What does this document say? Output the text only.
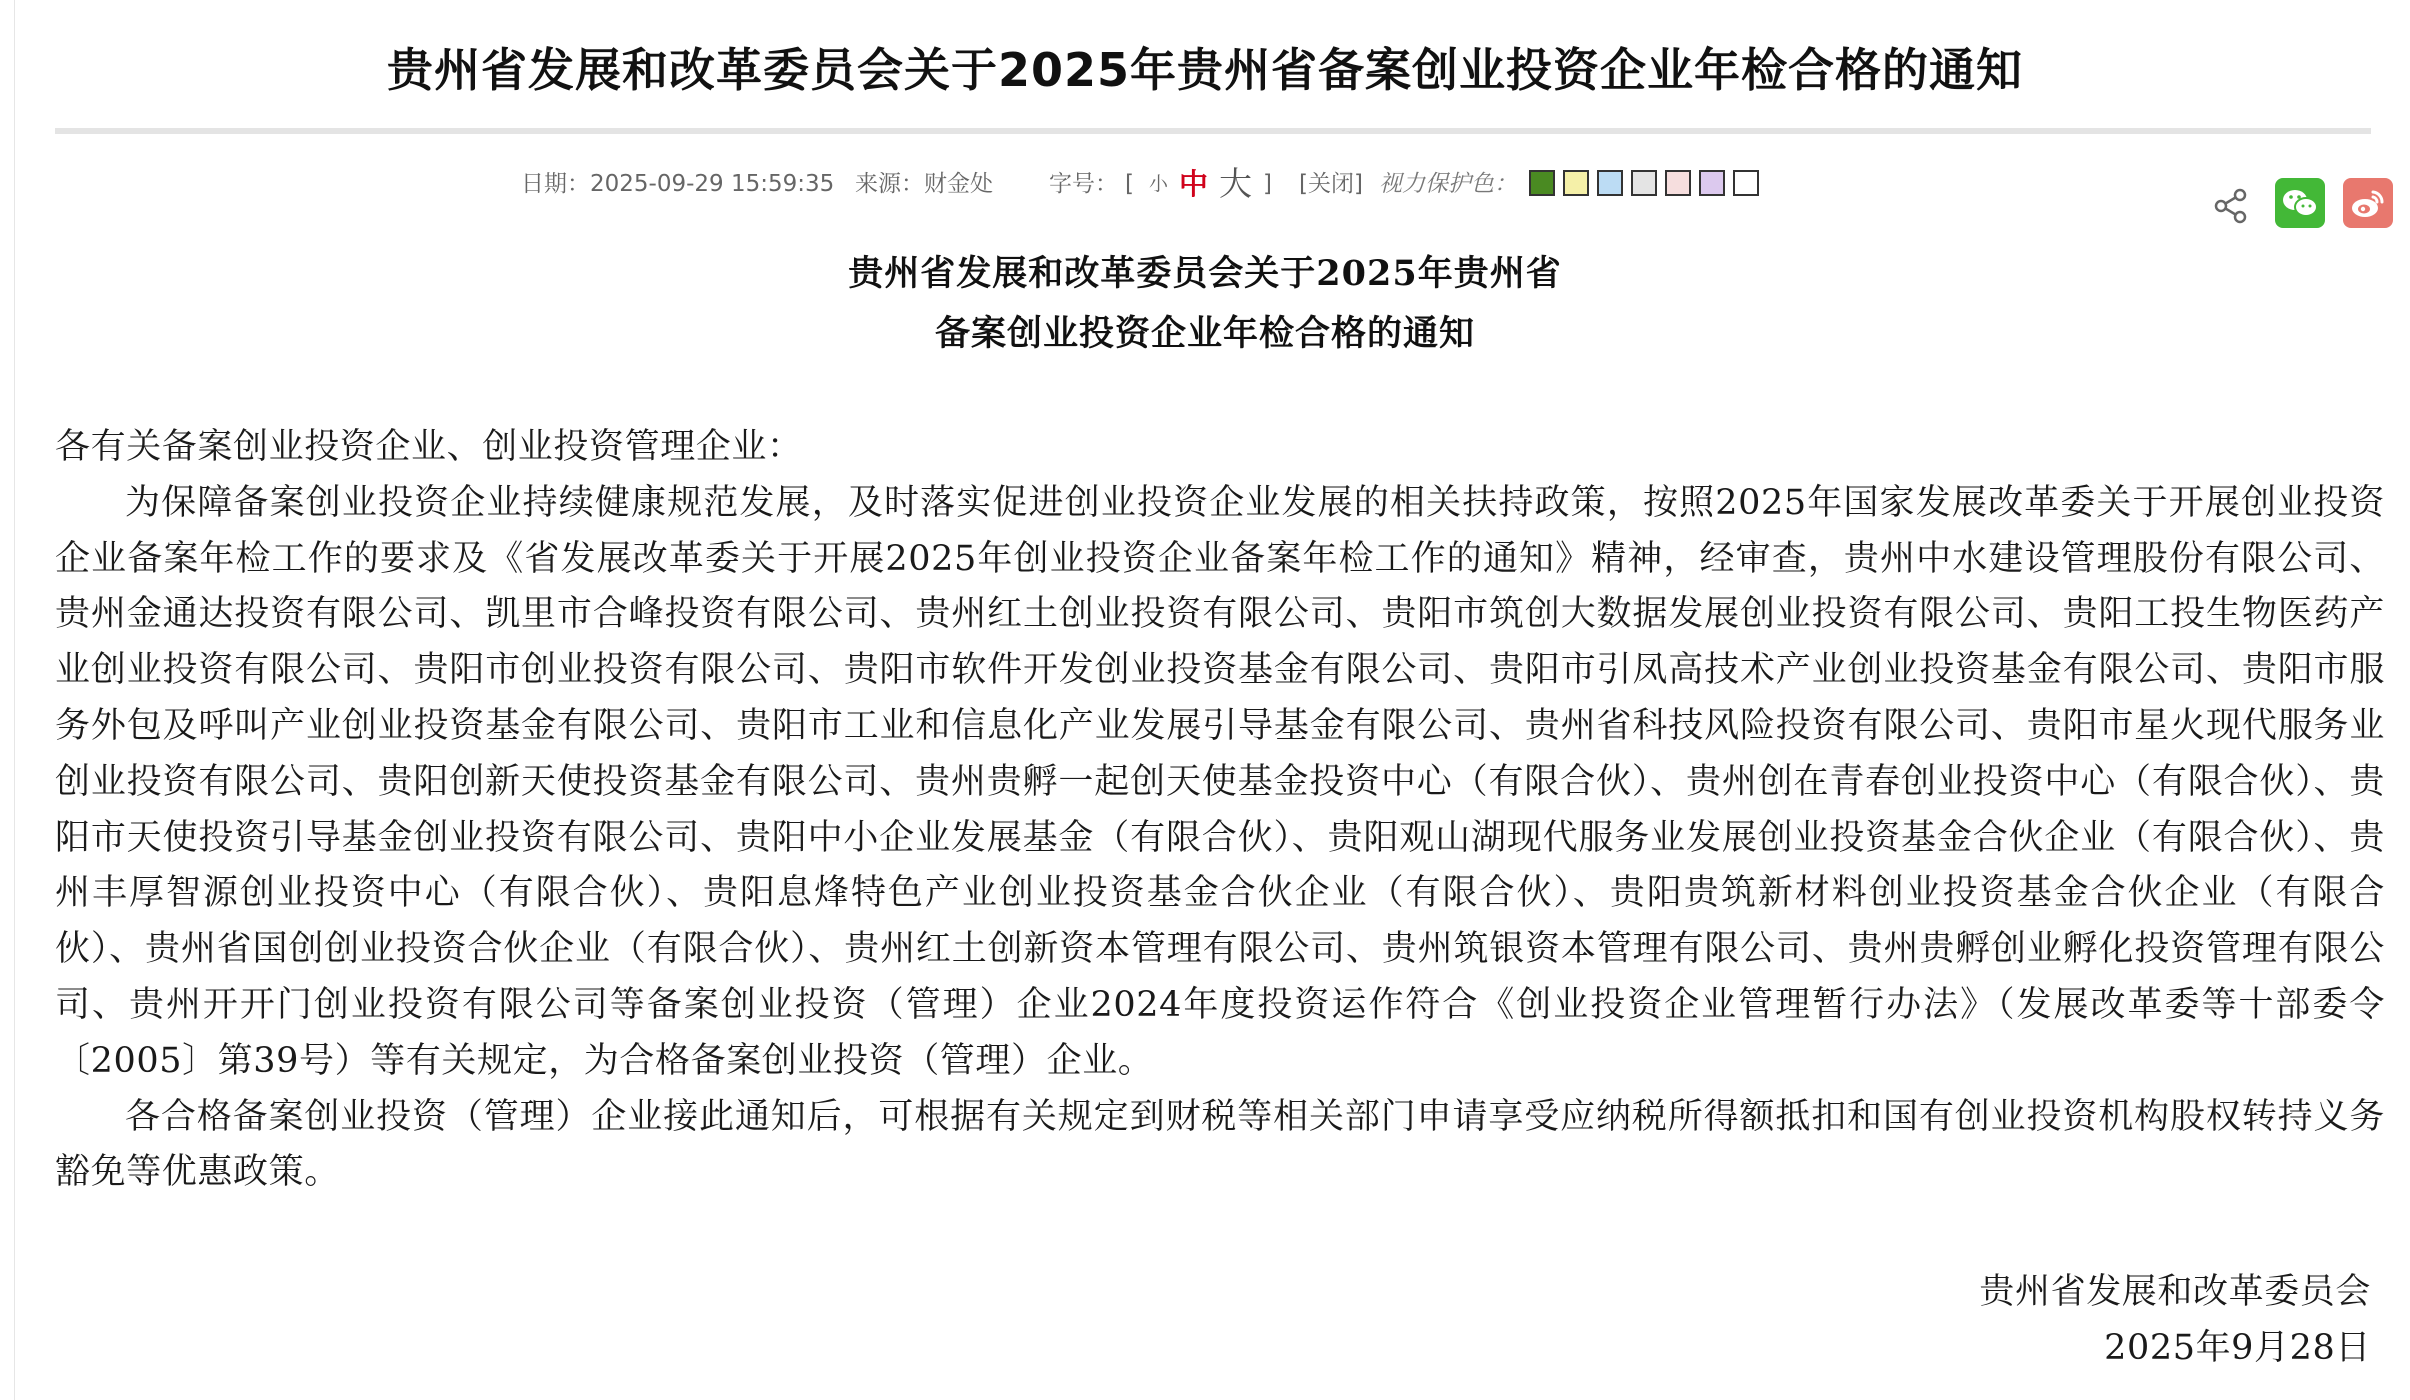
贵州省发展和改革委员会关于2025年贵州省备案创业投资企业年检合格的通知
日期：2025-09-29 15:59:35 来源：财金处 字号： [ 小 中 大 ] [关闭] 视力保护色：
贵州省发展和改革委员会关于2025年贵州省
备案创业投资企业年检合格的通知

各有关备案创业投资企业、创业投资管理企业：

为保障备案创业投资企业持续健康规范发展，及时落实促进创业投资企业发展的相关扶持政策，按照2025年国家发展改革委关于开展创业投资企业备案年检工作的要求及《省发展改革委关于开展2025年创业投资企业备案年检工作的通知》精神，经审查，贵州中水建设管理股份有限公司、贵州金通达投资有限公司、凯里市合峰投资有限公司、贵州红土创业投资有限公司、贵阳市筑创大数据发展创业投资有限公司、贵阳工投生物医药产业创业投资有限公司、贵阳市创业投资有限公司、贵阳市软件开发创业投资基金有限公司、贵阳市引凤高技术产业创业投资基金有限公司、贵阳市服务外包及呼叫产业创业投资基金有限公司、贵阳市工业和信息化产业发展引导基金有限公司、贵州省科技风险投资有限公司、贵阳市星火现代服务业创业投资有限公司、贵阳创新天使投资基金有限公司、贵州贵孵一起创天使基金投资中心（有限合伙）、贵州创在青春创业投资中心（有限合伙）、贵阳市天使投资引导基金创业投资有限公司、贵阳中小企业发展基金（有限合伙）、贵阳观山湖现代服务业发展创业投资基金合伙企业（有限合伙）、贵州丰厚智源创业投资中心（有限合伙）、贵阳息烽特色产业创业投资基金合伙企业（有限合伙）、贵阳贵筑新材料创业投资基金合伙企业（有限合伙）、贵州省国创创业投资合伙企业（有限合伙）、贵州红土创新资本管理有限公司、贵州筑银资本管理有限公司、贵州贵孵创业孵化投资管理有限公司、贵州开开门创业投资有限公司等备案创业投资（管理）企业2024年度投资运作符合《创业投资企业管理暂行办法》（发展改革委等十部委令〔2005〕第39号）等有关规定，为合格备案创业投资（管理）企业。

各合格备案创业投资（管理）企业接此通知后，可根据有关规定到财税等相关部门申请享受应纳税所得额抵扣和国有创业投资机构股权转持义务豁免等优惠政策。

贵州省发展和改革委员会
2025年9月28日
